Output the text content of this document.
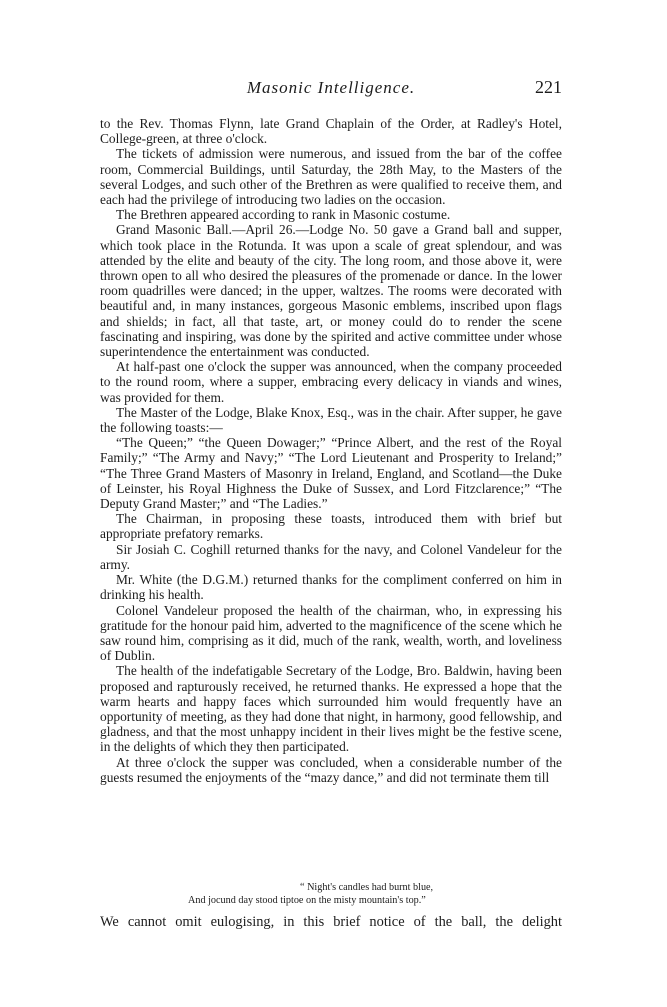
Masonic Intelligence.	221

to the Rev. Thomas Flynn, late Grand Chaplain of the Order, at Radley's Hotel, College-green, at three o'clock.

The tickets of admission were numerous, and issued from the bar of the coffee room, Commercial Buildings, until Saturday, the 28th May, to the Masters of the several Lodges, and such other of the Brethren as were qualified to receive them, and each had the privilege of introducing two ladies on the occasion.

The Brethren appeared according to rank in Masonic costume.

Grand Masonic Ball.—April 26.—Lodge No. 50 gave a Grand ball and supper, which took place in the Rotunda. It was upon a scale of great splendour, and was attended by the elite and beauty of the city. The long room, and those above it, were thrown open to all who desired the pleasures of the promenade or dance. In the lower room quadrilles were danced; in the upper, waltzes. The rooms were decorated with beautiful and, in many instances, gorgeous Masonic emblems, inscribed upon flags and shields; in fact, all that taste, art, or money could do to render the scene fascinating and inspiring, was done by the spirited and active committee under whose superintendence the entertainment was conducted.

At half-past one o'clock the supper was announced, when the company proceeded to the round room, where a supper, embracing every delicacy in viands and wines, was provided for them.

The Master of the Lodge, Blake Knox, Esq., was in the chair. After supper, he gave the following toasts:—

“The Queen;” “the Queen Dowager;” “Prince Albert, and the rest of the Royal Family;” “The Army and Navy;” “The Lord Lieutenant and Prosperity to Ireland;” “The Three Grand Masters of Masonry in Ireland, England, and Scotland—the Duke of Leinster, his Royal Highness the Duke of Sussex, and Lord Fitzclarence;” “The Deputy Grand Master;” and “The Ladies.”

The Chairman, in proposing these toasts, introduced them with brief but appropriate prefatory remarks.

Sir Josiah C. Coghill returned thanks for the navy, and Colonel Vandeleur for the army.

Mr. White (the D.G.M.) returned thanks for the compliment conferred on him in drinking his health.

Colonel Vandeleur proposed the health of the chairman, who, in expressing his gratitude for the honour paid him, adverted to the magnificence of the scene which he saw round him, comprising as it did, much of the rank, wealth, worth, and loveliness of Dublin.

The health of the indefatigable Secretary of the Lodge, Bro. Baldwin, having been proposed and rapturously received, he returned thanks. He expressed a hope that the warm hearts and happy faces which surrounded him would frequently have an opportunity of meeting, as they had done that night, in harmony, good fellowship, and gladness, and that the most unhappy incident in their lives might be the festive scene, in the delights of which they then participated.

At three o'clock the supper was concluded, when a considerable number of the guests resumed the enjoyments of the “mazy dance,” and did not terminate them till

“ Night's candles had burnt blue,
And jocund day stood tiptoe on the misty mountain's top.”
We cannot omit eulogising, in this brief notice of the ball, the delight
